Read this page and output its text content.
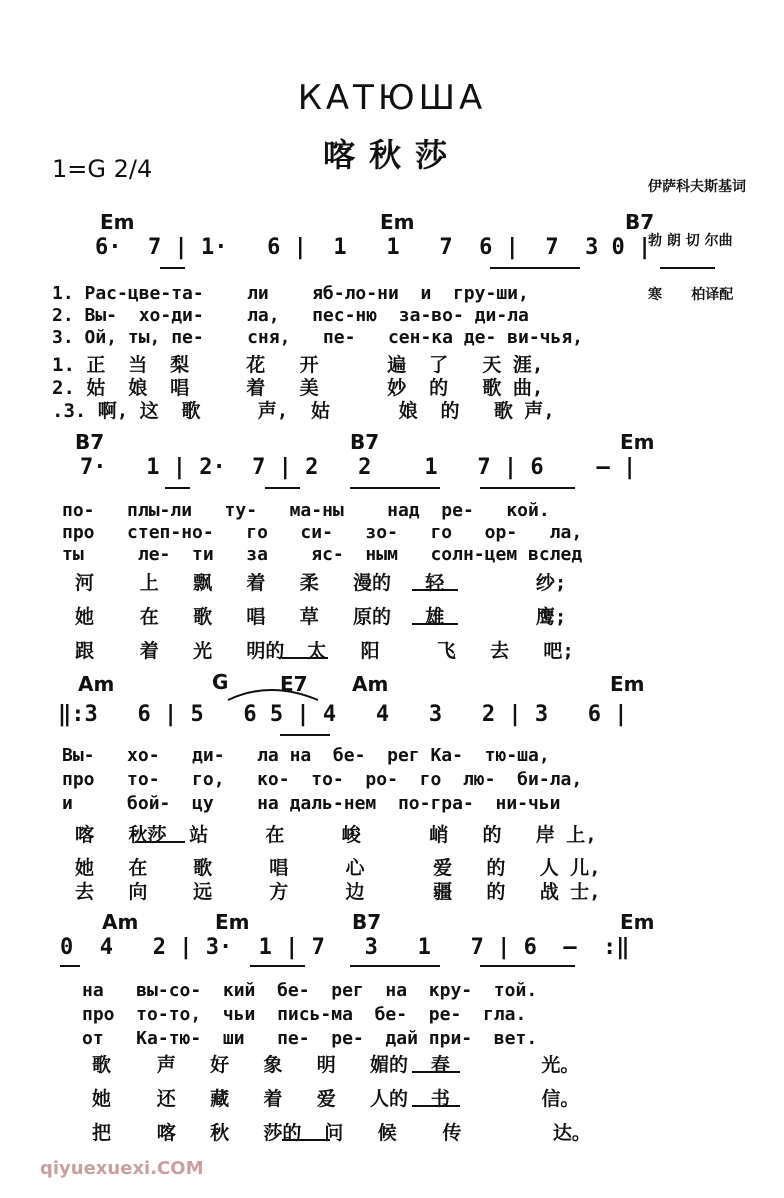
КАТЮША
喀秋莎
1=G 2/4

伊萨科夫斯基词

勃 朗 切 尔曲

寒      柏译配

Em	Em	B7
6·  7 | 1·   6 |  1   1   7  6 |  7  3 0 |
1. Рас-цве-та-    ли    яб-ло-ни  и  гру-ши,
2. Вы-  хо-ди-    ла,   пес-ню  за-во- ди-ла
3. Ой, ты, пе-    сня,   пе-   сен-ка де- ви-чья,
1. 正  当  梨     花   开      遍  了   天 涯,
2. 姑  娘  唱     着   美      妙  的   歌 曲,
.3. 啊, 这  歌     声,  姑      娘  的   歌 声,
B7	B7	Em
7·   1 | 2·  7 | 2   2    1   7 | 6    — |
по-   плы-ли   ту-   ма-ны    над  ре-   кой.
про   степ-но-   го   си-   зо-   го   ор-   ла,
ты     ле-  ти   за    яс-  ным   солн-цем вслед
河    上   飘   着   柔   漫的   轻        纱;
她    在   歌   唱   草   原的   雄        鹰;
跟    着   光   明的  太   阳     飞   去   吧;
Am	G	E7 Am	Em
‖:3   6 | 5   6 5 | 4   4   3   2 | 3   6 |
Вы-   хо-   ди-   ла на  бе-  рег Ка-  тю-ша,
про   то-   го,   ко-  то-  ро-  го  лю-  би-ла,
и     бой-  цу    на даль-нем  по-гра-  ни-чьи
喀   秋莎  站     在     峻      峭   的   岸 上,
她   在    歌     唱     心      爱   的   人 儿,
去   向    远     方     边      疆   的   战 士,
Am	Em	B7	Em
0  4   2 | 3·  1 | 7   3   1   7 | 6  —  :‖
на   вы-со-  кий  бе-  рег  на  кру-  той.
про  то-то,  чьи  пись-ма  бе-  ре-  гла.
от   Ка-тю-  ши   пе-  ре-  дай при-  вет.
歌    声   好   象   明   媚的  春        光。
她    还   藏   着   爱   人的  书        信。
把    喀   秋   莎的  问   候    传        达。
qiyuexuexi.COM
